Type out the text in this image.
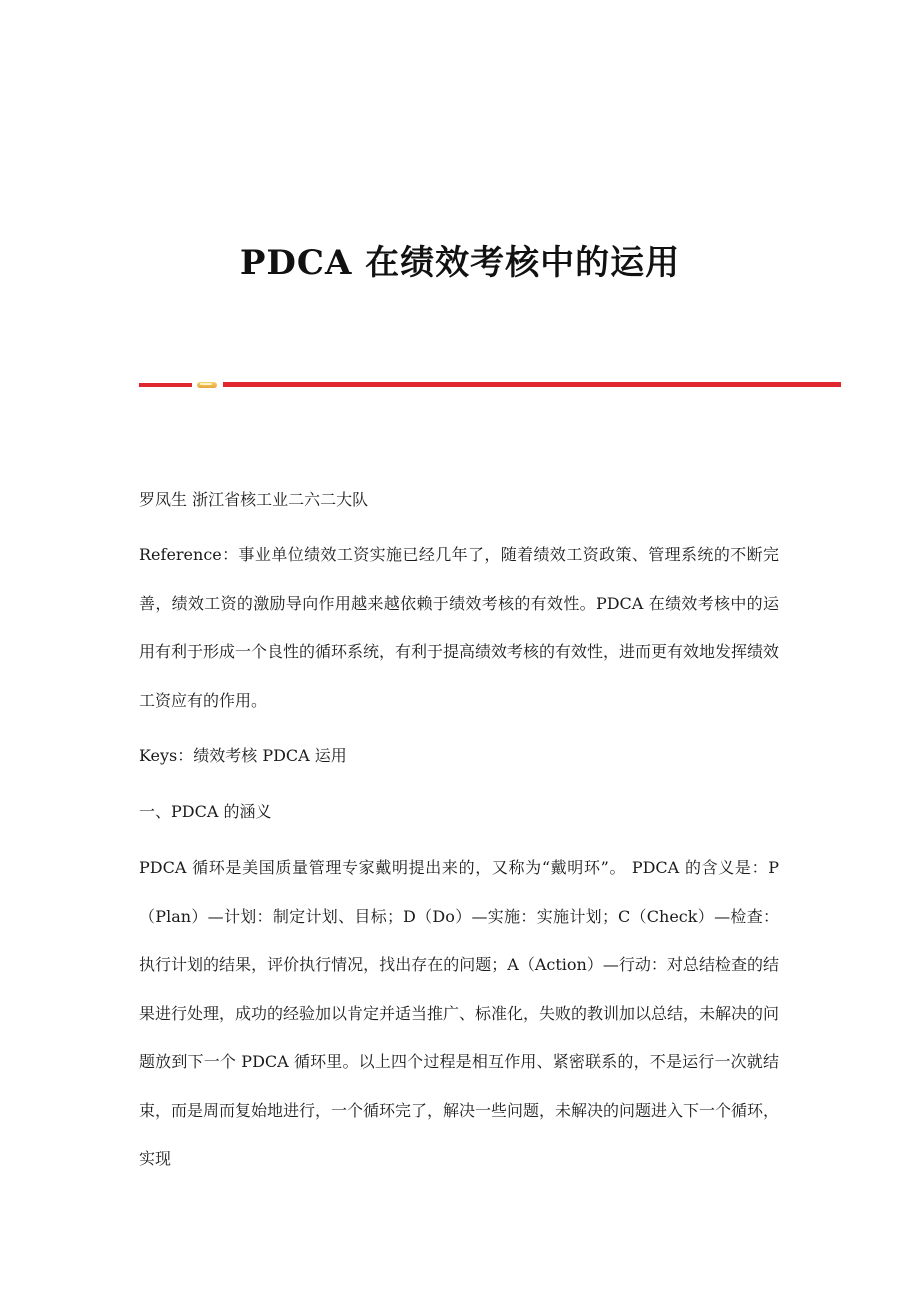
PDCA 在绩效考核中的运用

罗凤生 浙江省核工业二六二大队

Reference：事业单位绩效工资实施已经几年了，随着绩效工资政策、管理系统的不断完善，绩效工资的激励导向作用越来越依赖于绩效考核的有效性。PDCA 在绩效考核中的运用有利于形成一个良性的循环系统，有利于提高绩效考核的有效性，进而更有效地发挥绩效工资应有的作用。

Keys：绩效考核 PDCA 运用

一、PDCA 的涵义

PDCA 循环是美国质量管理专家戴明提出来的，又称为“戴明环”。 PDCA 的含义是：P（Plan）—计划：制定计划、目标；D（Do）—实施：实施计划；C（Check）—检查：执行计划的结果，评价执行情况，找出存在的问题；A（Action）—行动：对总结检查的结果进行处理，成功的经验加以肯定并适当推广、标准化，失败的教训加以总结，未解决的问题放到下一个 PDCA 循环里。以上四个过程是相互作用、紧密联系的，不是运行一次就结束，而是周而复始地进行，一个循环完了，解决一些问题，未解决的问题进入下一个循环，实现
